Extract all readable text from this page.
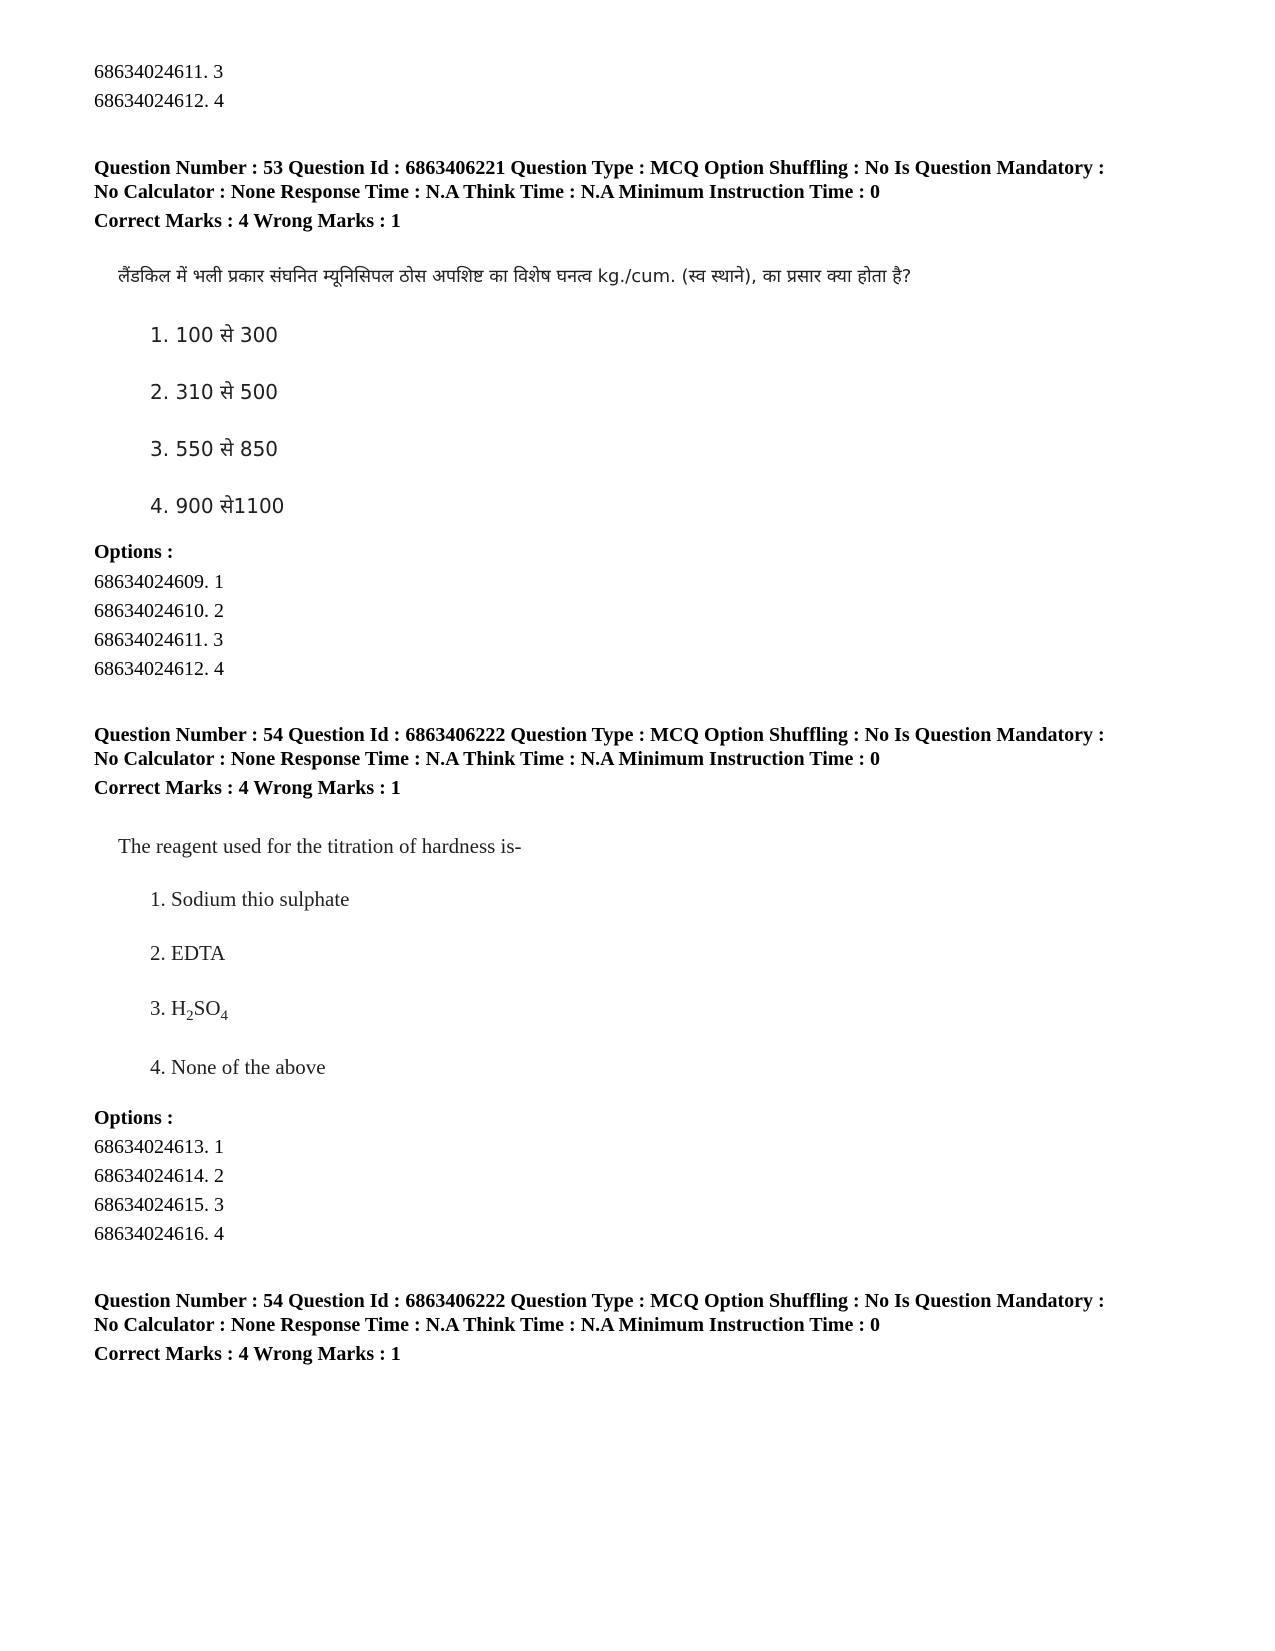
68634024611. 3
68634024612. 4
Question Number : 53 Question Id : 6863406221 Question Type : MCQ Option Shuffling : No Is Question Mandatory :
No Calculator : None Response Time : N.A Think Time : N.A Minimum Instruction Time : 0
Correct Marks : 4 Wrong Marks : 1
लैंडकिल में भली प्रकार संघनित म्यूनिसिपल ठोस अपशिष्ट का विशेष घनत्व kg./cum. (स्व स्थाने), का प्रसार क्या होता है?
1. 100 से 300
2. 310 से 500
3. 550 से 850
4. 900 से1100
Options :
68634024609. 1
68634024610. 2
68634024611. 3
68634024612. 4
Question Number : 54 Question Id : 6863406222 Question Type : MCQ Option Shuffling : No Is Question Mandatory :
No Calculator : None Response Time : N.A Think Time : N.A Minimum Instruction Time : 0
Correct Marks : 4 Wrong Marks : 1
The reagent used for the titration of hardness is-
1. Sodium thio sulphate
2. EDTA
3. $H_2SO_4$
4. None of the above
Options :
68634024613. 1
68634024614. 2
68634024615. 3
68634024616. 4
Question Number : 54 Question Id : 6863406222 Question Type : MCQ Option Shuffling : No Is Question Mandatory :
No Calculator : None Response Time : N.A Think Time : N.A Minimum Instruction Time : 0
Correct Marks : 4 Wrong Marks : 1
